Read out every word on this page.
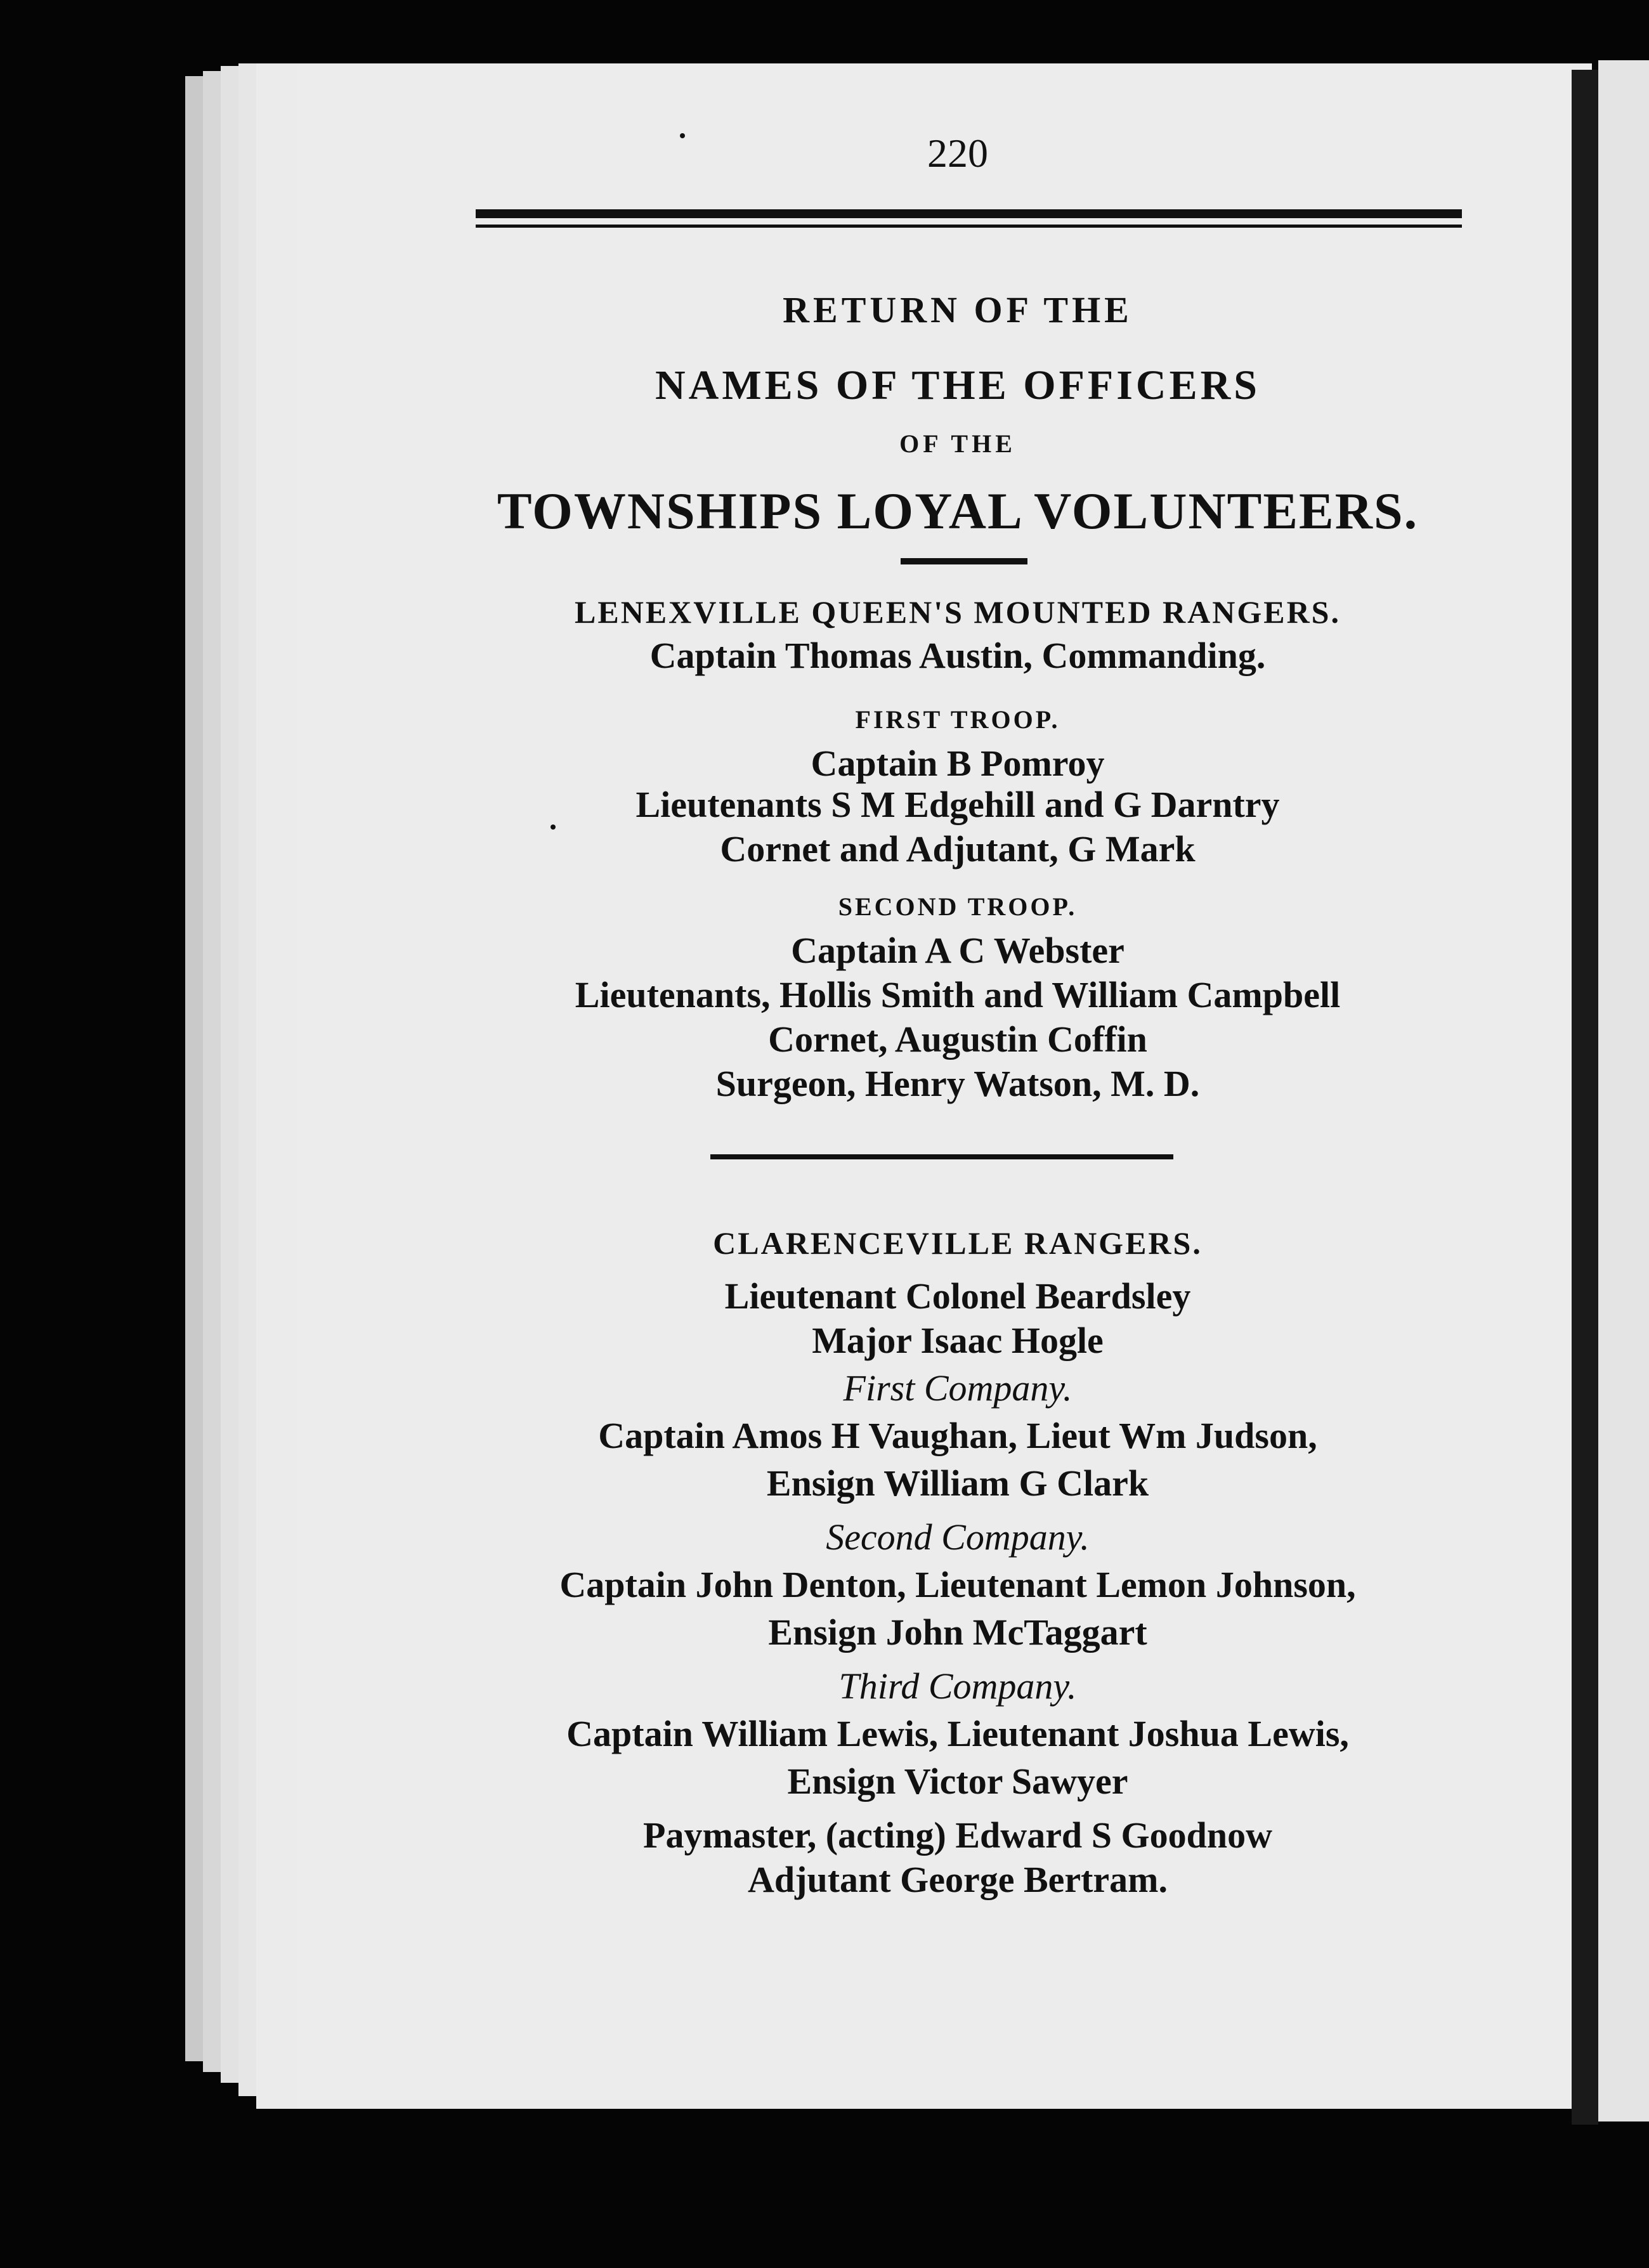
220
RETURN OF THE
NAMES OF THE OFFICERS
OF THE
TOWNSHIPS LOYAL VOLUNTEERS.
LENEXVILLE QUEEN'S MOUNTED RANGERS.
Captain Thomas Austin, Commanding.
FIRST TROOP.
Captain B Pomroy
Lieutenants S M Edgehill and G Darntry
Cornet and Adjutant, G Mark
SECOND TROOP.
Captain A C Webster
Lieutenants, Hollis Smith and William Campbell
Cornet, Augustin Coffin
Surgeon, Henry Watson, M. D.
CLARENCEVILLE RANGERS.
Lieutenant Colonel Beardsley
Major Isaac Hogle
First Company.
Captain Amos H Vaughan, Lieut Wm Judson,
Ensign William G Clark
Second Company.
Captain John Denton, Lieutenant Lemon Johnson,
Ensign John McTaggart
Third Company.
Captain William Lewis, Lieutenant Joshua Lewis,
Ensign Victor Sawyer
Paymaster, (acting) Edward S Goodnow
Adjutant George Bertram.
